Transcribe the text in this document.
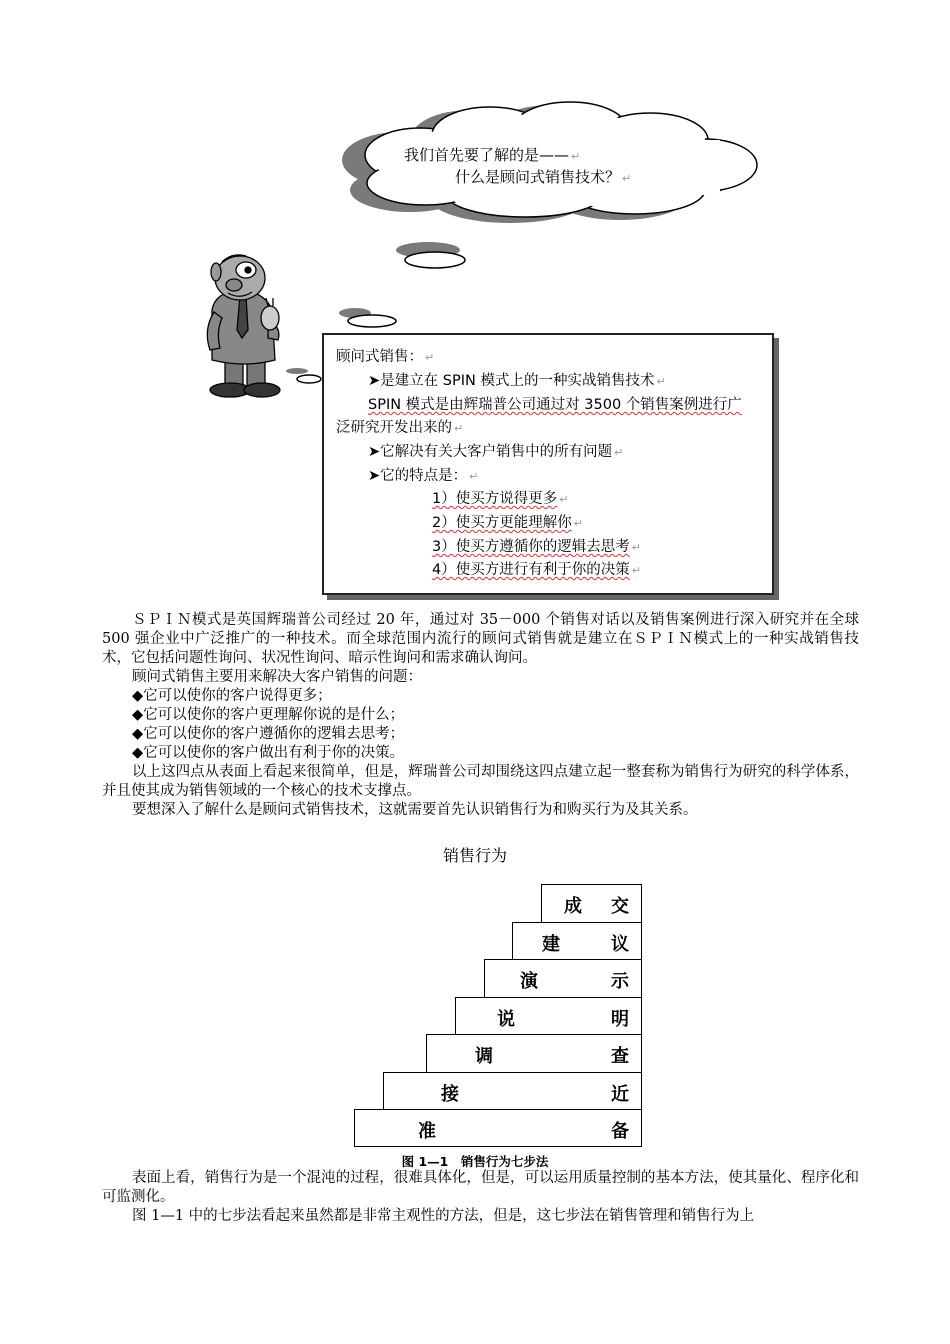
我们首先要了解的是—— ↵
什么是顾问式销售技术？ ↵
顾问式销售： ↵
➤是建立在 SPIN 模式上的一种实战销售技术 ↵
SPIN 模式是由辉瑞普公司通过对 3500 个销售案例进行广
泛研究开发出来的 ↵
➤它解决有关大客户销售中的所有问题 ↵
➤它的特点是： ↵
1）使买方说得更多 ↵
2）使买方更能理解你 ↵
3）使买方遵循你的逻辑去思考 ↵
4）使买方进行有利于你的决策 ↵
ＳＰＩＮ模式是英国辉瑞普公司经过 20 年，通过对 35－000 个销售对话以及销售案例进行深入研究并在全球 500 强企业中广泛推广的一种技术。而全球范围内流行的顾问式销售就是建立在ＳＰＩＮ模式上的一种实战销售技术，它包括问题性询问、状况性询问、暗示性询问和需求确认询问。
顾问式销售主要用来解决大客户销售的问题：
◆它可以使你的客户说得更多；
◆它可以使你的客户更理解你说的是什么；
◆它可以使你的客户遵循你的逻辑去思考；
◆它可以使你的客户做出有利于你的决策。
以上这四点从表面上看起来很简单，但是，辉瑞普公司却围绕这四点建立起一整套称为销售行为研究的科学体系，并且使其成为销售领域的一个核心的技术支撑点。
要想深入了解什么是顾问式销售技术，这就需要首先认识销售行为和购买行为及其关系。
销售行为
成 交
建	议
演	示
说	明
调	查
接	近
准	备
图 1—1　销售行为七步法
表面上看，销售行为是一个混沌的过程，很难具体化，但是，可以运用质量控制的基本方法，使其量化、程序化和可监测化。
图 1—1 中的七步法看起来虽然都是非常主观性的方法，但是，这七步法在销售管理和销售行为上
